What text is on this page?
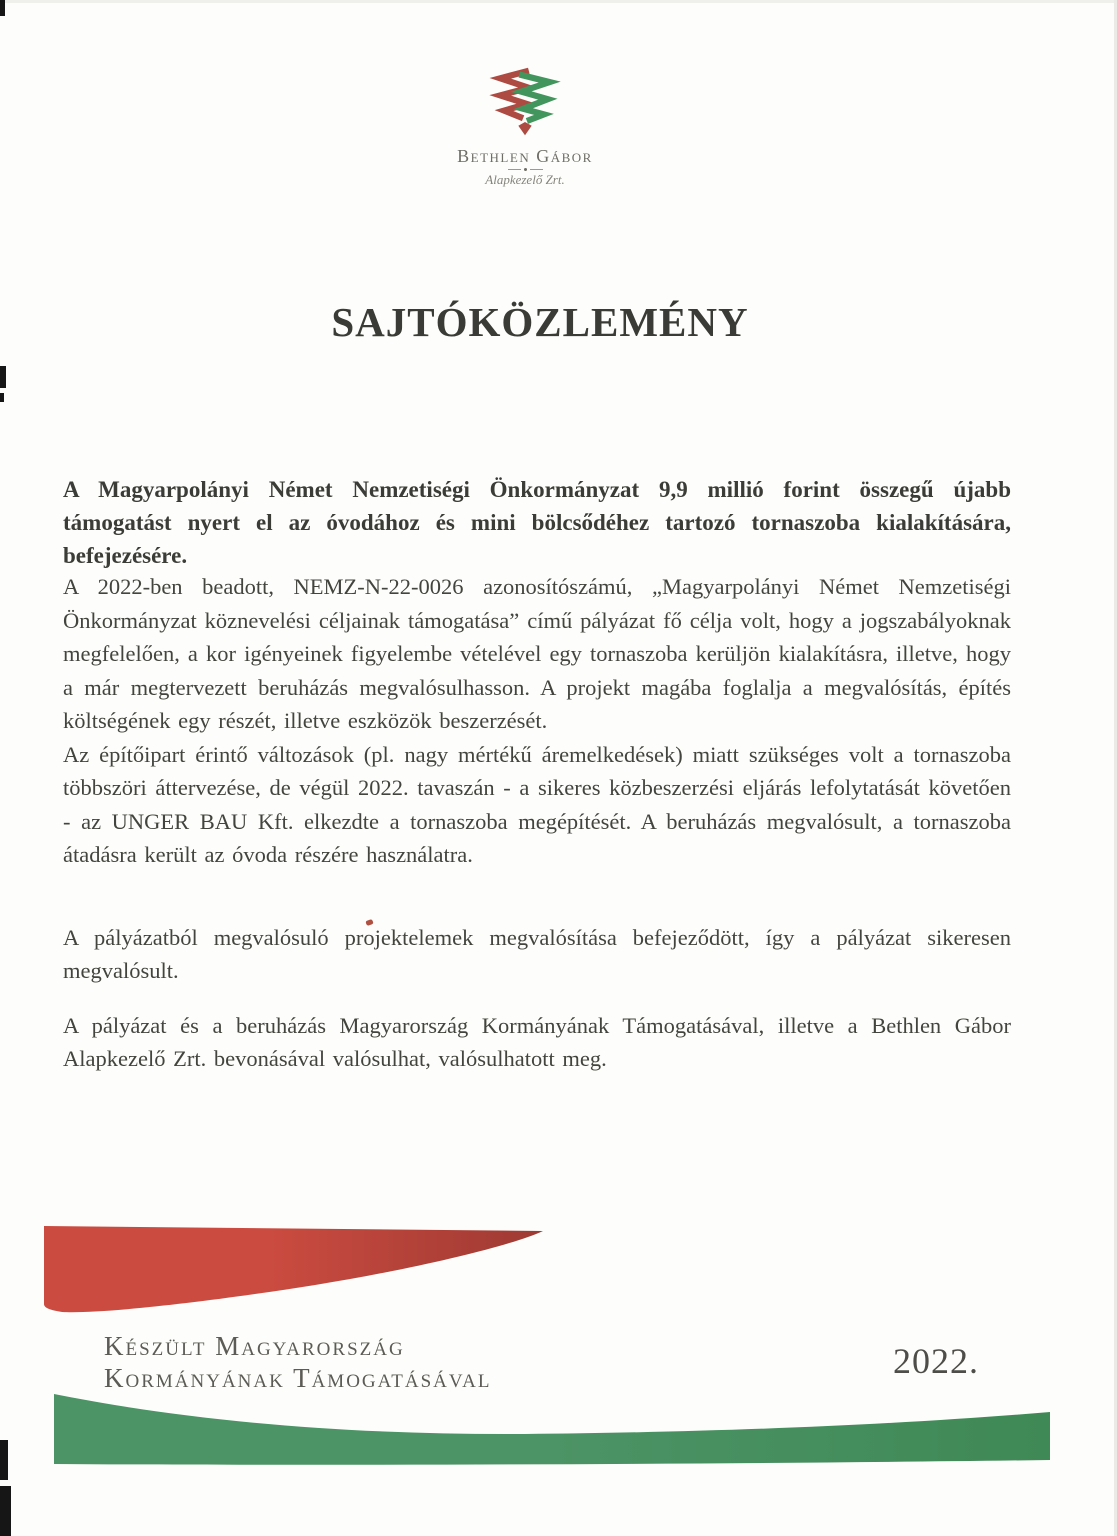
Bethlen Gábor
Alapkezelő Zrt.
SAJTÓKÖZLEMÉNY

A Magyarpolányi Német Nemzetiségi Önkormányzat 9,9 millió forint összegű újabb támogatást nyert el az óvodához és mini bölcsődéhez tartozó tornaszoba kialakítására, befejezésére.

A 2022-ben beadott, NEMZ-N-22-0026 azonosítószámú, „Magyarpolányi Német Nemzetiségi Önkormányzat köznevelési céljainak támogatása” című pályázat fő célja volt, hogy a jogszabályoknak megfelelően, a kor igényeinek figyelembe vételével egy tornaszoba kerüljön kialakításra, illetve, hogy a már megtervezett beruházás megvalósulhasson. A projekt magába foglalja a megvalósítás, építés költségének egy részét, illetve eszközök beszerzését.

Az építőipart érintő változások (pl. nagy mértékű áremelkedések) miatt szükséges volt a tornaszoba többszöri áttervezése, de végül 2022. tavaszán - a sikeres közbeszerzési eljárás lefolytatását követően - az UNGER BAU Kft. elkezdte a tornaszoba megépítését. A beruházás megvalósult, a tornaszoba átadásra került az óvoda részére használatra.

A pályázatból megvalósuló projektelemek megvalósítása befejeződött, így a pályázat sikeresen megvalósult.

A pályázat és a beruházás Magyarország Kormányának Támogatásával, illetve a Bethlen Gábor Alapkezelő Zrt. bevonásával valósulhat, valósulhatott meg.

Készült Magyarország
Kormányának Támogatásával	2022.
